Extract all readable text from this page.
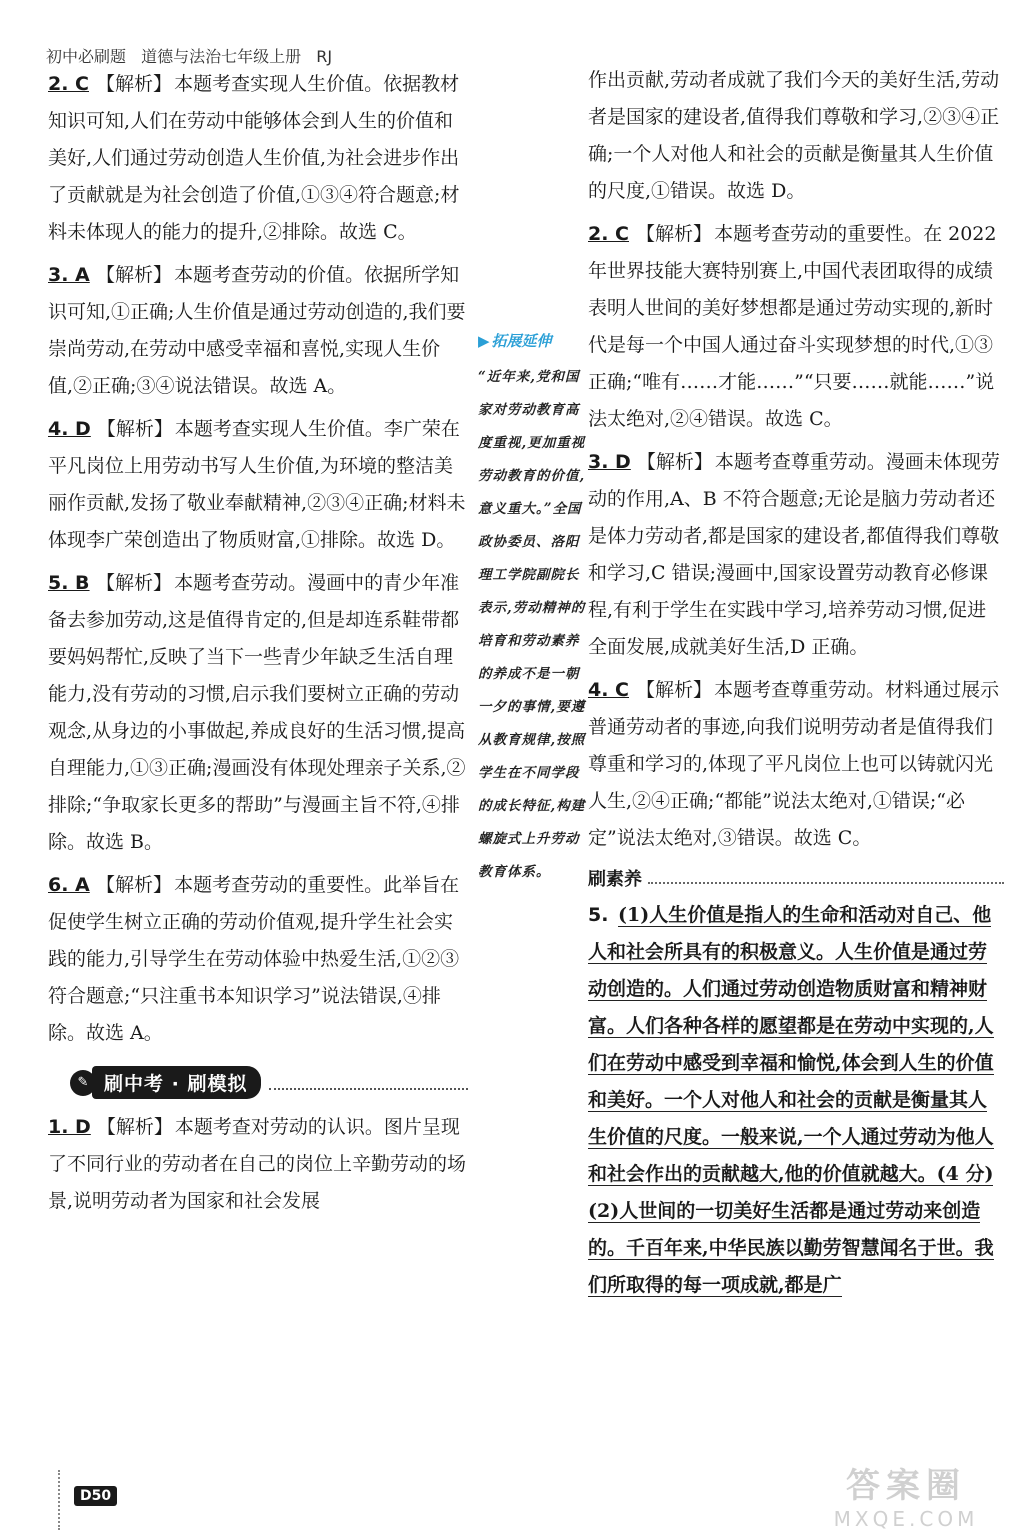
初中必刷题 道德与法治七年级上册 RJ
2. C 【解析】 本题考查实现人生价值。依据教材知识可知,人们在劳动中能够体会到人生的价值和美好,人们通过劳动创造人生价值,为社会进步作出了贡献就是为社会创造了价值,①③④符合题意;材料未体现人的能力的提升,②排除。故选 C。
3. A 【解析】 本题考查劳动的价值。依据所学知识可知,①正确;人生价值是通过劳动创造的,我们要崇尚劳动,在劳动中感受幸福和喜悦,实现人生价值,②正确;③④说法错误。故选 A。
4. D 【解析】 本题考查实现人生价值。李广荣在平凡岗位上用劳动书写人生价值,为环境的整洁美丽作贡献,发扬了敬业奉献精神,②③④正确;材料未体现李广荣创造出了物质财富,①排除。故选 D。
5. B 【解析】 本题考查劳动。漫画中的青少年准备去参加劳动,这是值得肯定的,但是却连系鞋带都要妈妈帮忙,反映了当下一些青少年缺乏生活自理能力,没有劳动的习惯,启示我们要树立正确的劳动观念,从身边的小事做起,养成良好的生活习惯,提高自理能力,①③正确;漫画没有体现处理亲子关系,②排除;“争取家长更多的帮助”与漫画主旨不符,④排除。故选 B。
6. A 【解析】 本题考查劳动的重要性。此举旨在促使学生树立正确的劳动价值观,提升学生社会实践的能力,引导学生在劳动体验中热爱生活,①②③符合题意;“只注重书本知识学习”说法错误,④排除。故选 A。
✎ 刷中考 · 刷模拟
1. D 【解析】 本题考查对劳动的认识。图片呈现了不同行业的劳动者在自己的岗位上辛勤劳动的场景,说明劳动者为国家和社会发展
▶ 拓展延伸
“近年来,党和国家对劳动教育高度重视,更加重视劳动教育的价值,意义重大。”全国政协委员、洛阳理工学院副院长表示,劳动精神的培育和劳动素养的养成不是一朝一夕的事情,要遵从教育规律,按照学生在不同学段的成长特征,构建螺旋式上升劳动教育体系。
作出贡献,劳动者成就了我们今天的美好生活,劳动者是国家的建设者,值得我们尊敬和学习,②③④正确;一个人对他人和社会的贡献是衡量其人生价值的尺度,①错误。故选 D。
2. C 【解析】 本题考查劳动的重要性。在 2022 年世界技能大赛特别赛上,中国代表团取得的成绩表明人世间的美好梦想都是通过劳动实现的,新时代是每一个中国人通过奋斗实现梦想的时代,①③正确;“唯有……才能……”“只要……就能……”说法太绝对,②④错误。故选 C。
3. D 【解析】 本题考查尊重劳动。漫画未体现劳动的作用,A、B 不符合题意;无论是脑力劳动者还是体力劳动者,都是国家的建设者,都值得我们尊敬和学习,C 错误;漫画中,国家设置劳动教育必修课程,有利于学生在实践中学习,培养劳动习惯,促进全面发展,成就美好生活,D 正确。
4. C 【解析】 本题考查尊重劳动。材料通过展示普通劳动者的事迹,向我们说明劳动者是值得我们尊重和学习的,体现了平凡岗位上也可以铸就闪光人生,②④正确;“都能”说法太绝对,①错误;“必定”说法太绝对,③错误。故选 C。
刷素养
5. (1)人生价值是指人的生命和活动对自己、他人和社会所具有的积极意义。人生价值是通过劳动创造的。人们通过劳动创造物质财富和精神财富。人们各种各样的愿望都是在劳动中实现的,人们在劳动中感受到幸福和愉悦,体会到人生的价值和美好。一个人对他人和社会的贡献是衡量其人生价值的尺度。一般来说,一个人通过劳动为他人和社会作出的贡献越大,他的价值就越大。(4 分)
(2)人世间的一切美好生活都是通过劳动来创造的。千百年来,中华民族以勤劳智慧闻名于世。我们所取得的每一项成就,都是广
D50	答案圈
MXQE.COM
